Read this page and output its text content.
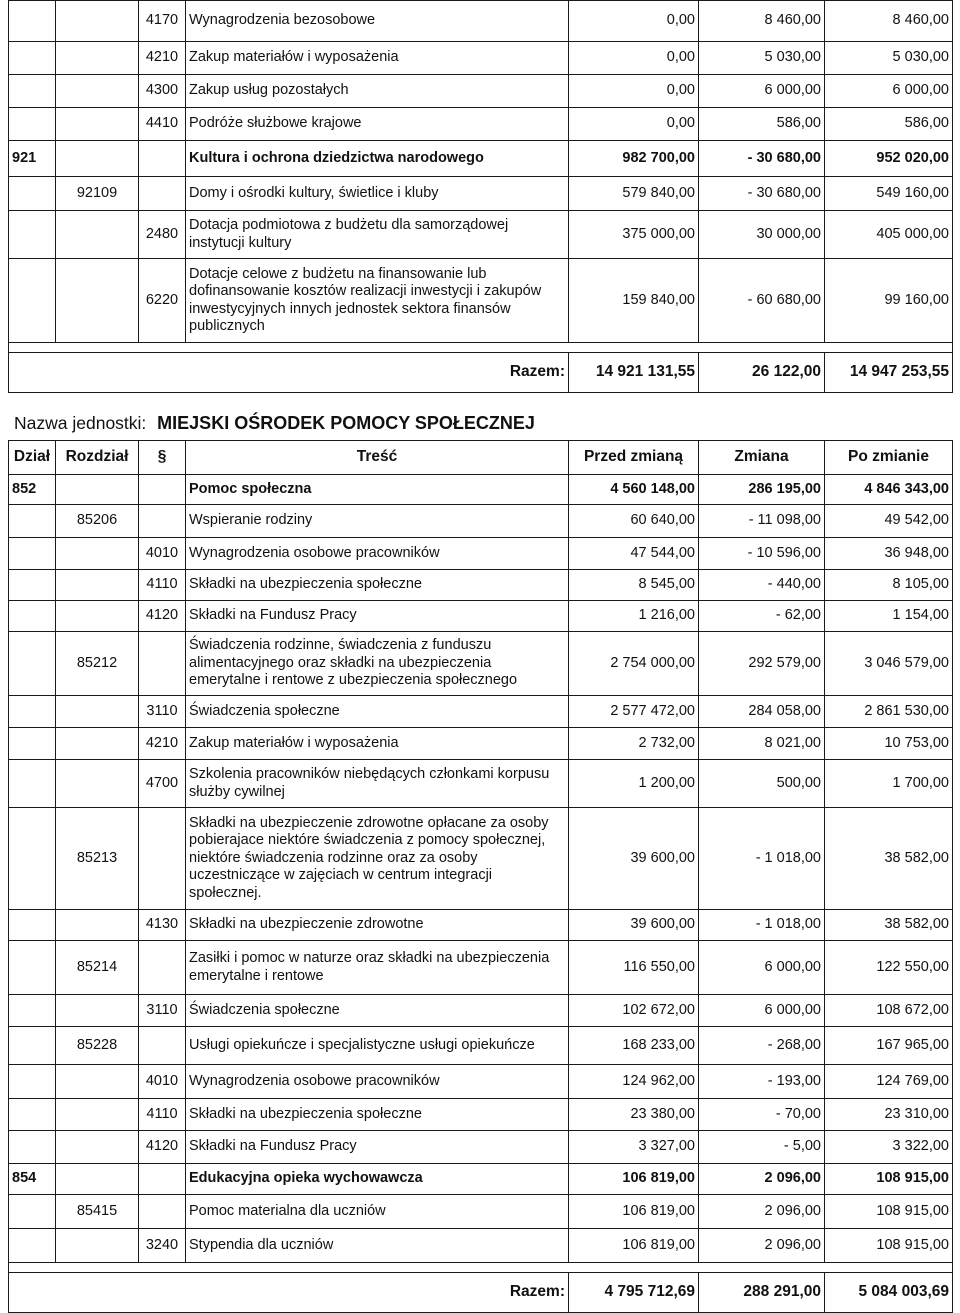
		4170	Wynagrodzenia bezosobowe	0,00	8 460,00	8 460,00
		4210	Zakup materiałów i wyposażenia	0,00	5 030,00	5 030,00
		4300	Zakup usług pozostałych	0,00	6 000,00	6 000,00
		4410	Podróże służbowe krajowe	0,00	586,00	586,00
921			Kultura i ochrona dziedzictwa narodowego	982 700,00	- 30 680,00	952 020,00
	92109		Domy i ośrodki kultury, świetlice i kluby	579 840,00	- 30 680,00	549 160,00
		2480	Dotacja podmiotowa z budżetu dla samorządowej instytucji kultury	375 000,00	30 000,00	405 000,00
		6220	Dotacje celowe z budżetu na finansowanie lub dofinansowanie kosztów realizacji inwestycji i zakupów inwestycyjnych innych jednostek sektora finansów publicznych	159 840,00	- 60 680,00	99 160,00

Razem:				14 921 131,55	26 122,00	14 947 253,55
Nazwa jednostki: MIEJSKI OŚRODEK POMOCY SPOŁECZNEJ
Dział	Rozdział	§	Treść	Przed zmianą	Zmiana	Po zmianie
852			Pomoc społeczna	4 560 148,00	286 195,00	4 846 343,00
	85206		Wspieranie rodziny	60 640,00	- 11 098,00	49 542,00
		4010	Wynagrodzenia osobowe pracowników	47 544,00	- 10 596,00	36 948,00
		4110	Składki na ubezpieczenia społeczne	8 545,00	- 440,00	8 105,00
		4120	Składki na Fundusz Pracy	1 216,00	- 62,00	1 154,00
	85212		Świadczenia rodzinne, świadczenia z funduszu alimentacyjnego oraz składki na ubezpieczenia emerytalne i rentowe z ubezpieczenia społecznego	2 754 000,00	292 579,00	3 046 579,00
		3110	Świadczenia społeczne	2 577 472,00	284 058,00	2 861 530,00
		4210	Zakup materiałów i wyposażenia	2 732,00	8 021,00	10 753,00
		4700	Szkolenia pracowników niebędących członkami korpusu służby cywilnej	1 200,00	500,00	1 700,00
	85213		Składki na ubezpieczenie zdrowotne opłacane za osoby pobierajace niektóre świadczenia z pomocy społecznej, niektóre świadczenia rodzinne oraz za osoby uczestniczące w zajęciach w centrum integracji społecznej.	39 600,00	- 1 018,00	38 582,00
		4130	Składki na ubezpieczenie zdrowotne	39 600,00	- 1 018,00	38 582,00
	85214		Zasiłki i pomoc w naturze oraz składki na ubezpieczenia emerytalne i rentowe	116 550,00	6 000,00	122 550,00
		3110	Świadczenia społeczne	102 672,00	6 000,00	108 672,00
	85228		Usługi opiekuńcze i specjalistyczne usługi opiekuńcze	168 233,00	- 268,00	167 965,00
		4010	Wynagrodzenia osobowe pracowników	124 962,00	- 193,00	124 769,00
		4110	Składki na ubezpieczenia społeczne	23 380,00	- 70,00	23 310,00
		4120	Składki na Fundusz Pracy	3 327,00	- 5,00	3 322,00
854			Edukacyjna opieka wychowawcza	106 819,00	2 096,00	108 915,00
	85415		Pomoc materialna dla uczniów	106 819,00	2 096,00	108 915,00
		3240	Stypendia dla uczniów	106 819,00	2 096,00	108 915,00

Razem:				4 795 712,69	288 291,00	5 084 003,69
